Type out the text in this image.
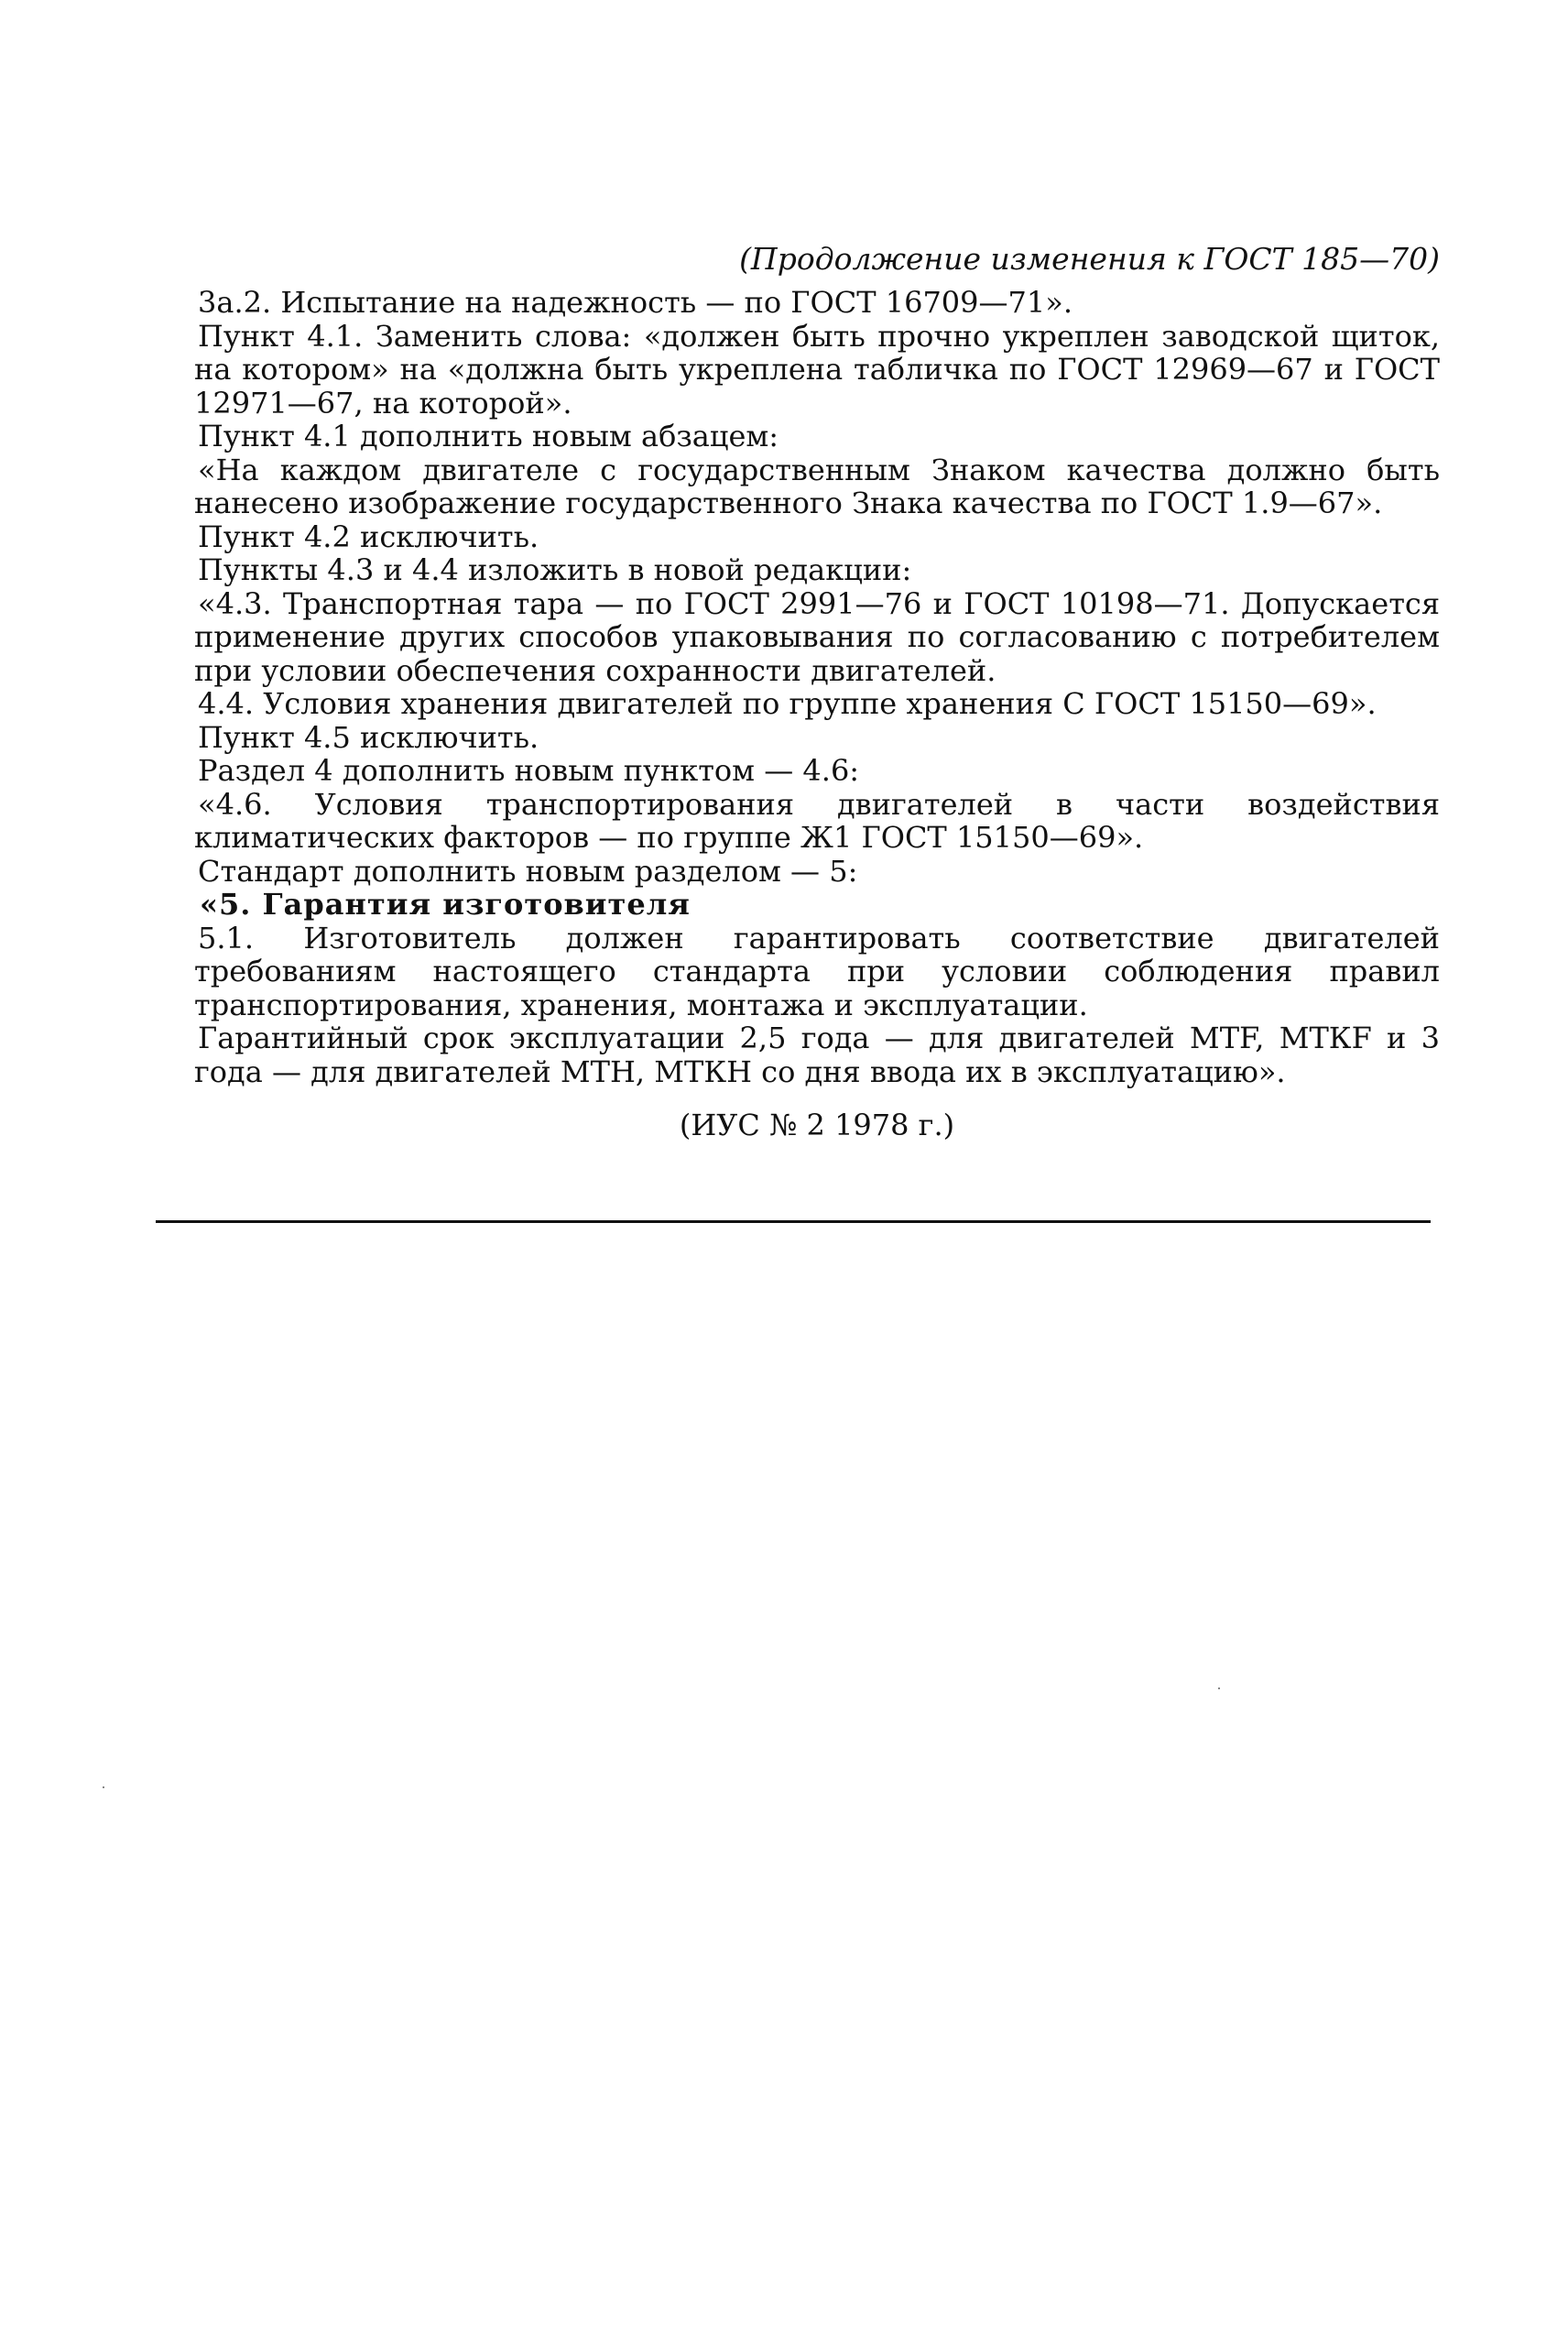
(Продолжение изменения к ГОСТ 185—70)

3а.2. Испытание на надежность — по ГОСТ 16709—71».

Пункт 4.1. Заменить слова: «должен быть прочно укреплен заводской щиток, на котором» на «должна быть укреплена табличка по ГОСТ 12969—67 и ГОСТ 12971—67, на которой».

Пункт 4.1 дополнить новым абзацем:

«На каждом двигателе с государственным Знаком качества должно быть нанесено изображение государственного Знака качества по ГОСТ 1.9—67».

Пункт 4.2 исключить.

Пункты 4.3 и 4.4 изложить в новой редакции:

«4.3. Транспортная тара — по ГОСТ 2991—76 и ГОСТ 10198—71. Допускается применение других способов упаковывания по согласованию с потребителем при условии обеспечения сохранности двигателей.

4.4. Условия хранения двигателей по группе хранения С ГОСТ 15150—69».

Пункт 4.5 исключить.

Раздел 4 дополнить новым пунктом — 4.6:

«4.6. Условия транспортирования двигателей в части воздействия климатических факторов — по группе Ж1 ГОСТ 15150—69».

Стандарт дополнить новым разделом — 5:

«5. Гарантия изготовителя

5.1. Изготовитель должен гарантировать соответствие двигателей требованиям настоящего стандарта при условии соблюдения правил транспортирования, хранения, монтажа и эксплуатации.

Гарантийный срок эксплуатации 2,5 года — для двигателей МТF, МТКF и 3 года — для двигателей МТН, МТКН со дня ввода их в эксплуатацию».

(ИУС № 2 1978 г.)
